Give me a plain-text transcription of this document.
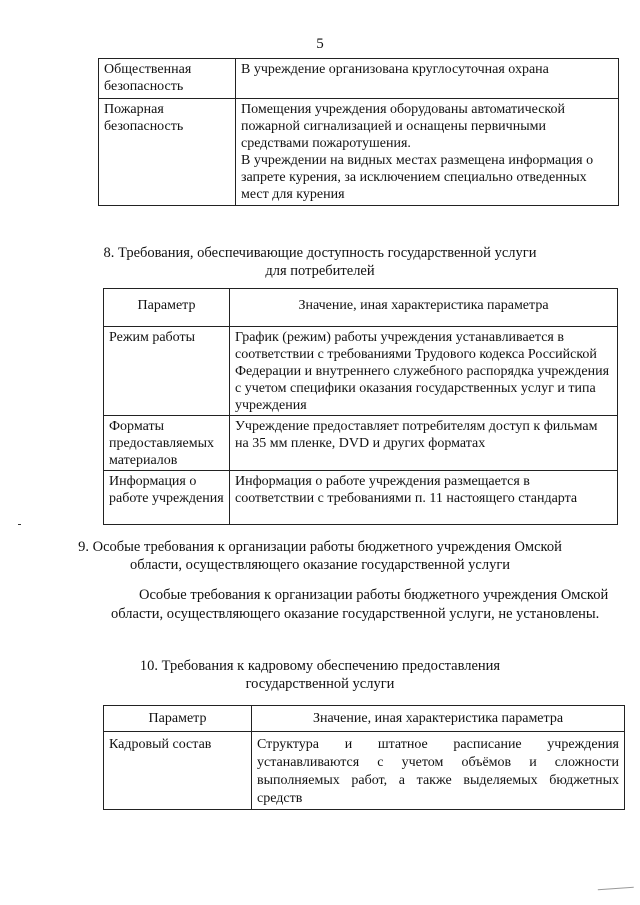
5
Общественная безопасность	В учреждение организована круглосуточная охрана
Пожарная безопасность	Помещения учреждения оборудованы автоматической пожарной сигнализацией и оснащены первичными средствами пожаротушения.
В учреждении на видных местах размещена информация о запрете курения, за исключением специально отведенных мест для курения
8. Требования, обеспечивающие доступность государственной услуги
для потребителей
Параметр	Значение, иная характеристика параметра
Режим работы	График (режим) работы учреждения устанавливается в соответствии с требованиями Трудового кодекса Российской Федерации и внутреннего служебного распорядка учреждения с учетом специфики оказания государственных услуг и типа учреждения
Форматы предоставляемых материалов	Учреждение предоставляет потребителям доступ к фильмам на 35 мм пленке, DVD и других форматах
Информация о работе учреждения	Информация о работе учреждения размещается в соответствии с требованиями п. 11 настоящего стандарта
9. Особые требования к организации работы бюджетного учреждения Омской
области, осуществляющего оказание государственной услуги
Особые требования к организации работы бюджетного учреждения Омской области, осуществляющего оказание государственной услуги, не установлены.
10. Требования к кадровому обеспечению предоставления
государственной услуги
Параметр	Значение, иная характеристика параметра
Кадровый состав	Структура и штатное расписание учреждения устанавливаются с учетом объёмов и сложности выполняемых работ, а также выделяемых бюджетных средств
